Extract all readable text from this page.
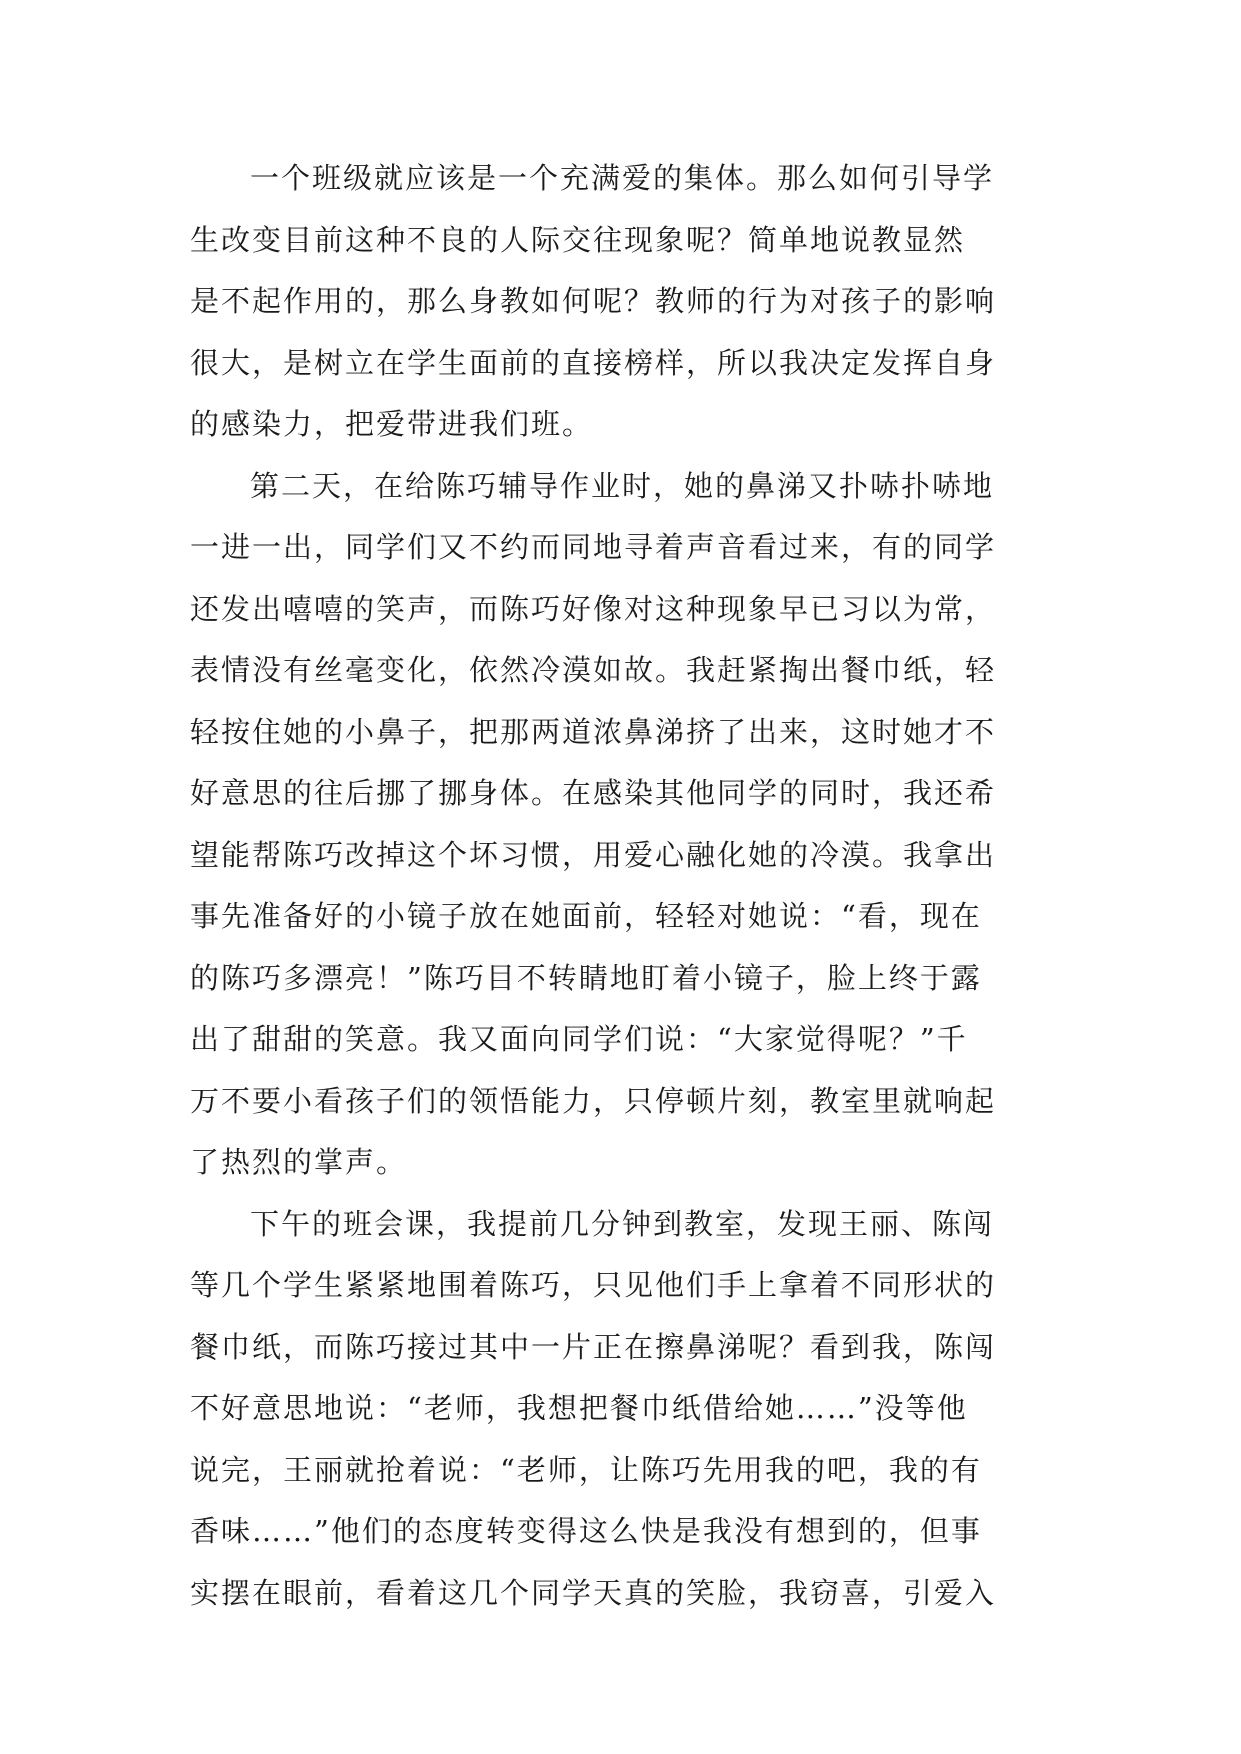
一个班级就应该是一个充满爱的集体。那么如何引导学
生改变目前这种不良的人际交往现象呢？简单地说教显然
是不起作用的，那么身教如何呢？教师的行为对孩子的影响
很大，是树立在学生面前的直接榜样，所以我决定发挥自身
的感染力，把爱带进我们班。
第二天，在给陈巧辅导作业时，她的鼻涕又扑哧扑哧地
一进一出，同学们又不约而同地寻着声音看过来，有的同学
还发出嘻嘻的笑声，而陈巧好像对这种现象早已习以为常，
表情没有丝毫变化，依然冷漠如故。我赶紧掏出餐巾纸，轻
轻按住她的小鼻子，把那两道浓鼻涕挤了出来，这时她才不
好意思的往后挪了挪身体。在感染其他同学的同时，我还希
望能帮陈巧改掉这个坏习惯，用爱心融化她的冷漠。我拿出
事先准备好的小镜子放在她面前，轻轻对她说：“看，现在
的陈巧多漂亮！”陈巧目不转睛地盯着小镜子，脸上终于露
出了甜甜的笑意。我又面向同学们说：“大家觉得呢？”千
万不要小看孩子们的领悟能力，只停顿片刻，教室里就响起
了热烈的掌声。
下午的班会课，我提前几分钟到教室，发现王丽、陈闯
等几个学生紧紧地围着陈巧，只见他们手上拿着不同形状的
餐巾纸，而陈巧接过其中一片正在擦鼻涕呢？看到我，陈闯
不好意思地说：“老师，我想把餐巾纸借给她……”没等他
说完，王丽就抢着说：“老师，让陈巧先用我的吧，我的有
香味……”他们的态度转变得这么快是我没有想到的，但事
实摆在眼前，看着这几个同学天真的笑脸，我窃喜，引爱入
